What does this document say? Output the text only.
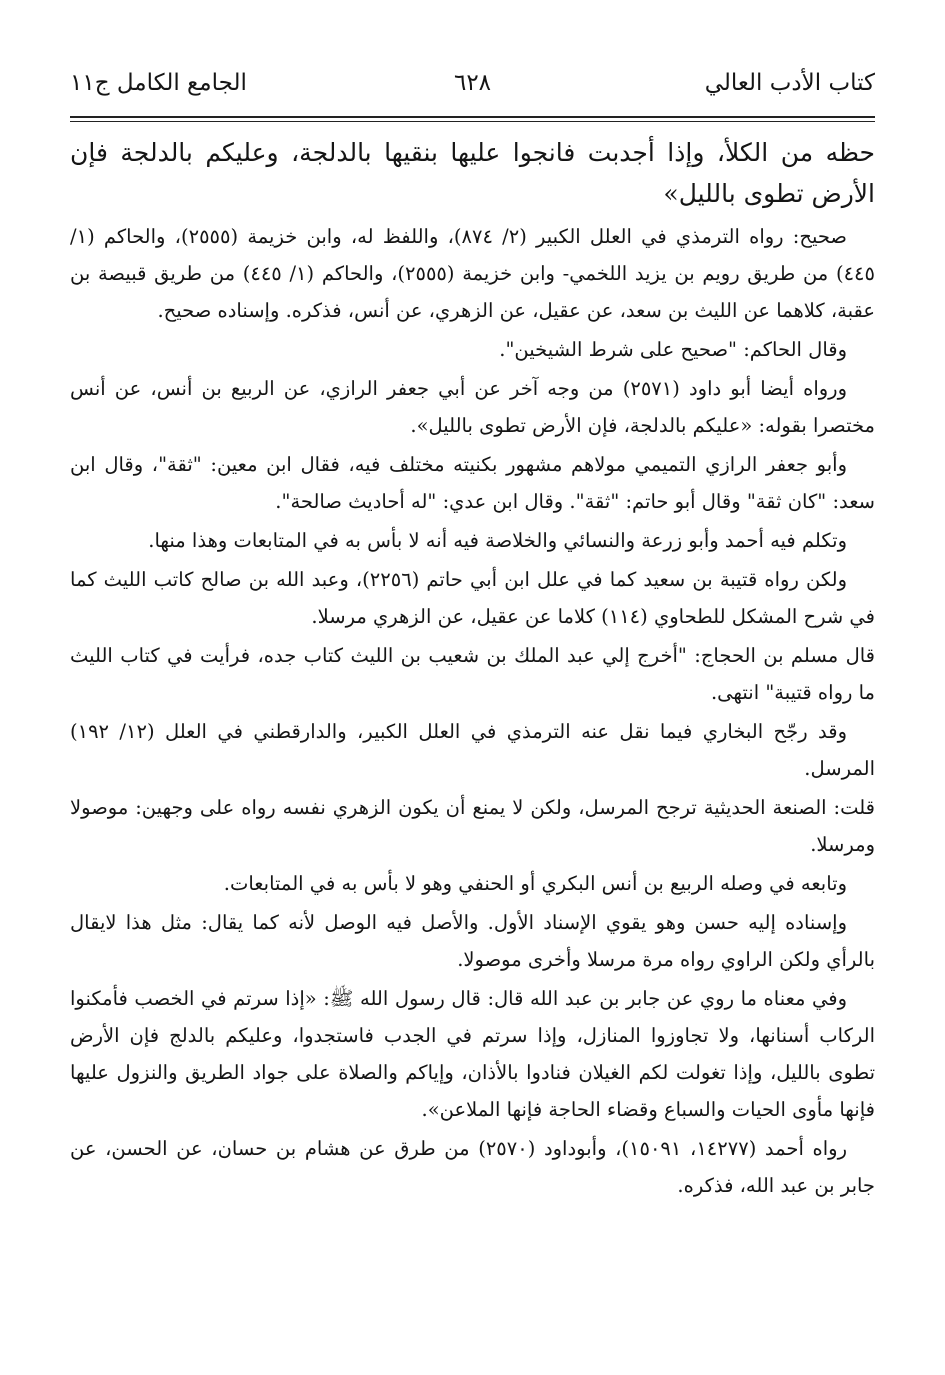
كتاب الأدب العالي
٦٢٨
الجامع الكامل ج١١

حظه من الكلأ، وإذا أجدبت فانجوا عليها بنقيها بالدلجة، وعليكم بالدلجة فإن الأرض تطوى بالليل»

صحيح: رواه الترمذي في العلل الكبير (٢/ ٨٧٤)، واللفظ له، وابن خزيمة (٢٥٥٥)، والحاكم (١/ ٤٤٥) من طريق رويم بن يزيد اللخمي- وابن خزيمة (٢٥٥٥)، والحاكم (١/ ٤٤٥) من طريق قبيصة بن عقبة، كلاهما عن الليث بن سعد، عن عقيل، عن الزهري، عن أنس، فذكره. وإسناده صحيح.

وقال الحاكم: "صحيح على شرط الشيخين".

ورواه أيضا أبو داود (٢٥٧١) من وجه آخر عن أبي جعفر الرازي، عن الربيع بن أنس، عن أنس مختصرا بقوله: «عليكم بالدلجة، فإن الأرض تطوى بالليل».

وأبو جعفر الرازي التميمي مولاهم مشهور بكنيته مختلف فيه، فقال ابن معين: "ثقة"، وقال ابن سعد: "كان ثقة" وقال أبو حاتم: "ثقة". وقال ابن عدي: "له أحاديث صالحة".

وتكلم فيه أحمد وأبو زرعة والنسائي والخلاصة فيه أنه لا بأس به في المتابعات وهذا منها.

ولكن رواه قتيبة بن سعيد كما في علل ابن أبي حاتم (٢٢٥٦)، وعبد الله بن صالح كاتب الليث كما في شرح المشكل للطحاوي (١١٤) كلاما عن عقيل، عن الزهري مرسلا.

قال مسلم بن الحجاج: "أخرج إلي عبد الملك بن شعيب بن الليث كتاب جده، فرأيت في كتاب الليث ما رواه قتيبة" انتهى.

وقد رجّح البخاري فيما نقل عنه الترمذي في العلل الكبير، والدارقطني في العلل (١٢/ ١٩٢) المرسل.

قلت: الصنعة الحديثية ترجح المرسل، ولكن لا يمنع أن يكون الزهري نفسه رواه على وجهين: موصولا ومرسلا.

وتابعه في وصله الربيع بن أنس البكري أو الحنفي وهو لا بأس به في المتابعات.

وإسناده إليه حسن وهو يقوي الإسناد الأول. والأصل فيه الوصل لأنه كما يقال: مثل هذا لايقال بالرأي ولكن الراوي رواه مرة مرسلا وأخرى موصولا.

وفي معناه ما روي عن جابر بن عبد الله قال: قال رسول الله ﷺ: «إذا سرتم في الخصب فأمكنوا الركاب أسنانها، ولا تجاوزوا المنازل، وإذا سرتم في الجدب فاستجدوا، وعليكم بالدلج فإن الأرض تطوى بالليل، وإذا تغولت لكم الغيلان فنادوا بالأذان، وإياكم والصلاة على جواد الطريق والنزول عليها فإنها مأوى الحيات والسباع وقضاء الحاجة فإنها الملاعن».

رواه أحمد (١٤٢٧٧، ١٥٠٩١)، وأبوداود (٢٥٧٠) من طرق عن هشام بن حسان، عن الحسن، عن جابر بن عبد الله، فذكره.
